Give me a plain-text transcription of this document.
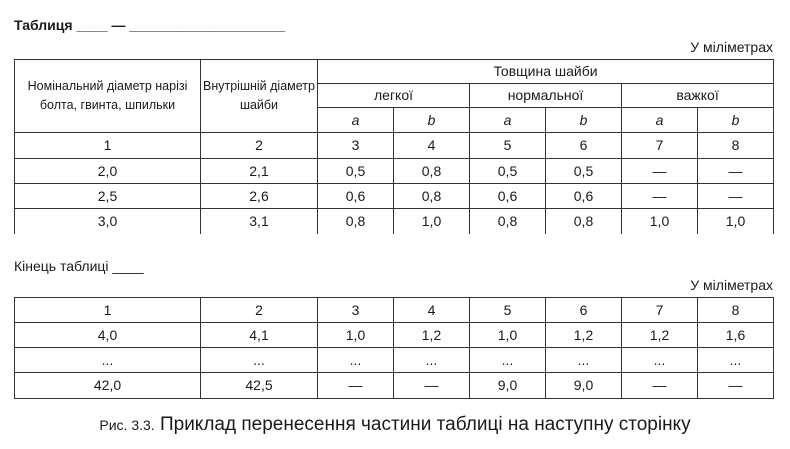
Таблиця ____ — ____________________
У міліметрах
Номінальний діаметр нарізі болта, гвинта, шпильки	Внутрішній діаметр шайби	Товщина шайби					
		легкої		нормальної		важкої	
		a	b	a	b	a	b
1	2	3	4	5	6	7	8
2,0	2,1	0,5	0,8	0,5	0,5	—	—
2,5	2,6	0,6	0,8	0,6	0,6	—	—
3,0	3,1	0,8	1,0	0,8	0,8	1,0	1,0
Кінець таблиці ____
У міліметрах
1	2	3	4	5	6	7	8
4,0	4,1	1,0	1,2	1,0	1,2	1,2	1,6
...	...	...	...	...	...	...	...
42,0	42,5	—	—	9,0	9,0	—	—
Рис. 3.3. Приклад перенесення частини таблиці на наступну сторінку
